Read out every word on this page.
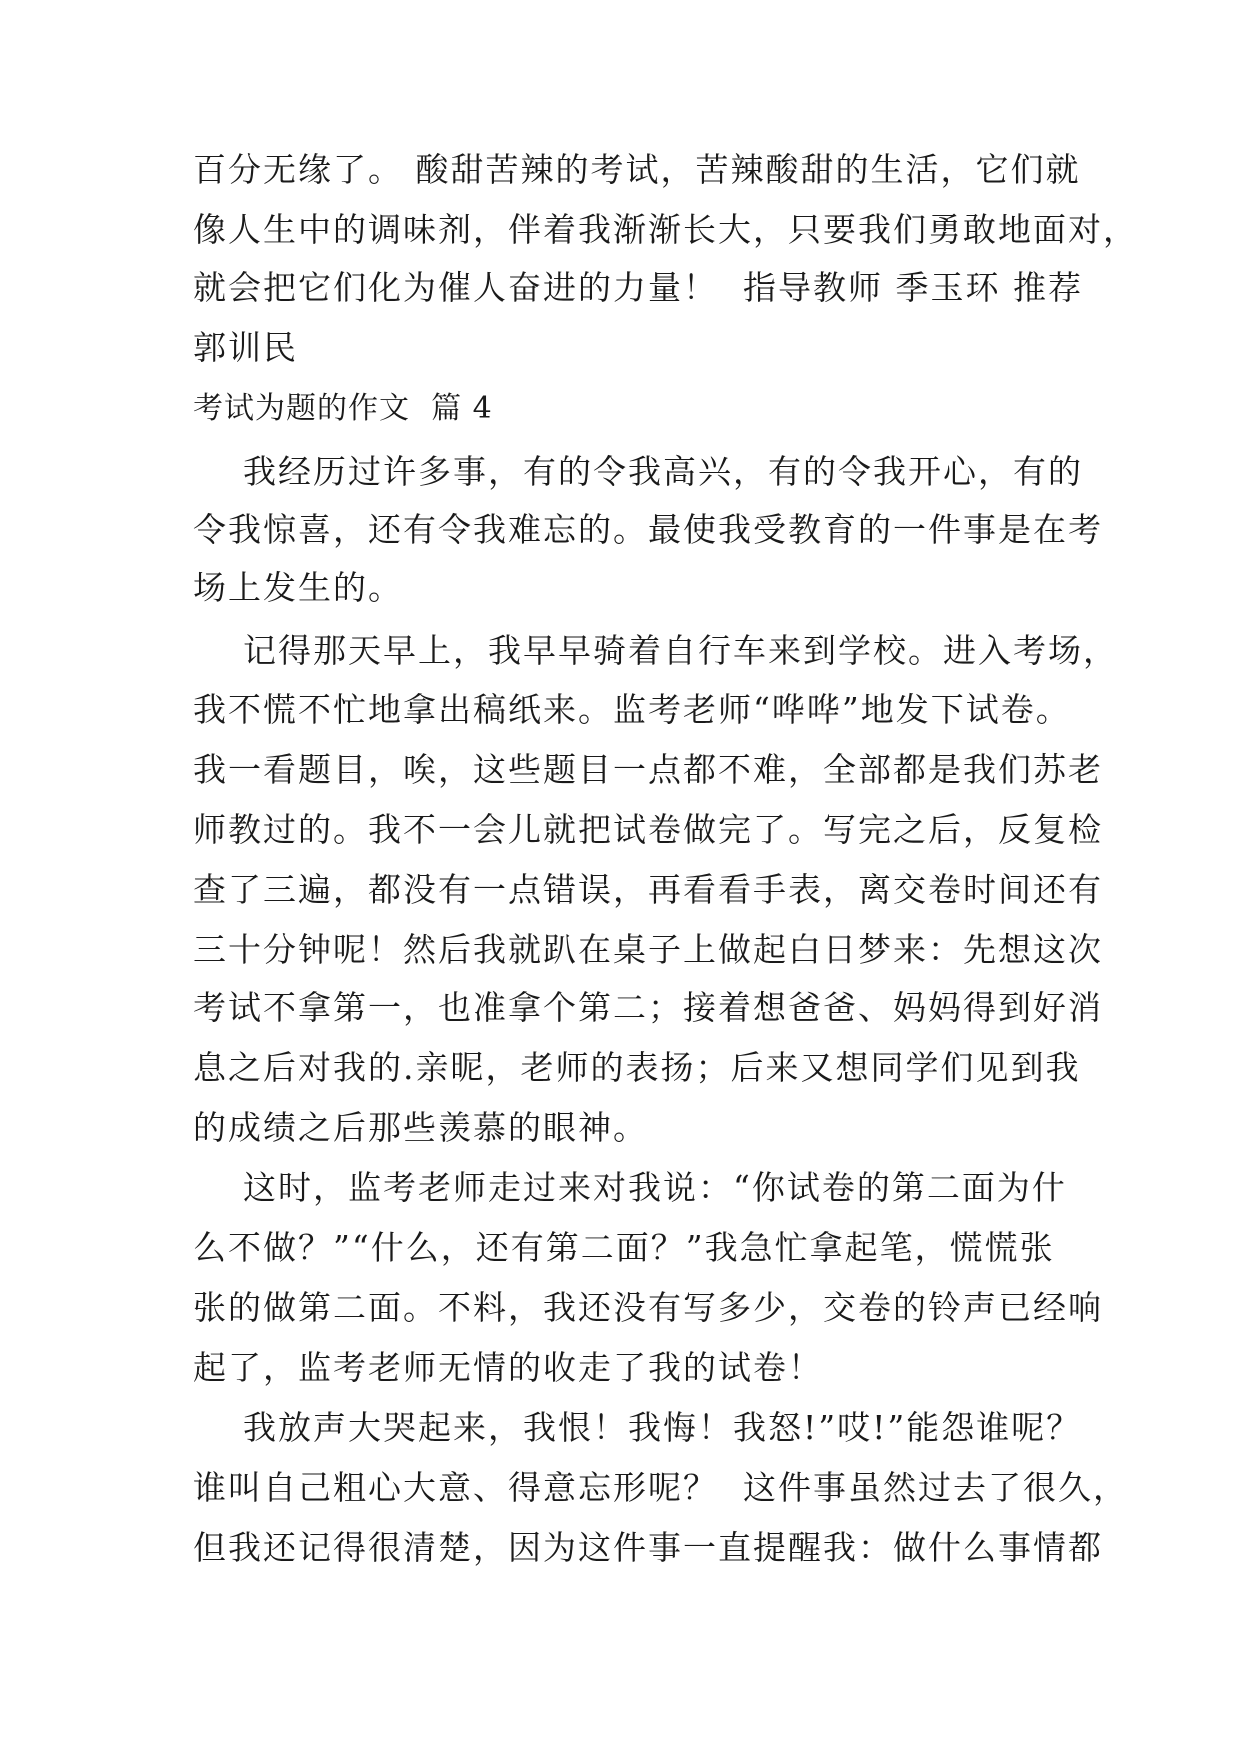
百分无缘了。 酸甜苦辣的考试，苦辣酸甜的生活，它们就
像人生中的调味剂，伴着我渐渐长大，只要我们勇敢地面对，
就会把它们化为催人奋进的力量！  指导教师 季玉环 推荐
郭训民
考试为题的作文  篇 4
我经历过许多事，有的令我高兴，有的令我开心，有的
令我惊喜，还有令我难忘的。最使我受教育的一件事是在考
场上发生的。
记得那天早上，我早早骑着自行车来到学校。进入考场，
我不慌不忙地拿出稿纸来。监考老师“哗哗”地发下试卷。
我一看题目，唉，这些题目一点都不难，全部都是我们苏老
师教过的。我不一会儿就把试卷做完了。写完之后，反复检
查了三遍，都没有一点错误，再看看手表，离交卷时间还有
三十分钟呢！然后我就趴在桌子上做起白日梦来：先想这次
考试不拿第一，也准拿个第二；接着想爸爸、妈妈得到好消
息之后对我的.亲昵，老师的表扬；后来又想同学们见到我
的成绩之后那些羡慕的眼神。
这时，监考老师走过来对我说：“你试卷的第二面为什
么不做？”“什么，还有第二面？”我急忙拿起笔，慌慌张
张的做第二面。不料，我还没有写多少，交卷的铃声已经响
起了，监考老师无情的收走了我的试卷！
我放声大哭起来，我恨！我悔！我怒!”哎!”能怨谁呢？
谁叫自己粗心大意、得意忘形呢？  这件事虽然过去了很久，
但我还记得很清楚，因为这件事一直提醒我：做什么事情都
